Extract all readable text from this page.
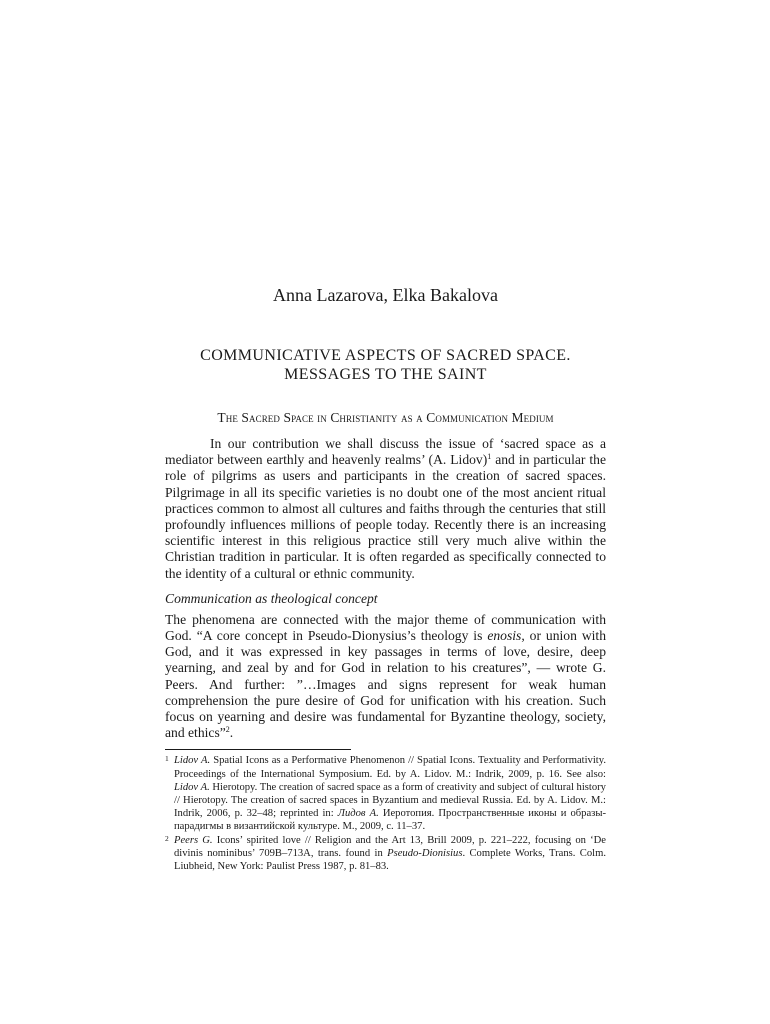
Anna Lazarova, Elka Bakalova

COMMUNICATIVE ASPECTS OF SACRED SPACE.
MESSAGES TO THE SAINT
The Sacred Space in Christianity as a Communication Medium

In our contribution we shall discuss the issue of ‘sacred space as a mediator between earthly and heavenly realms’ (A. Lidov)$^1$ and in particular the role of pilgrims as users and participants in the creation of sacred spaces. Pilgrimage in all its specific varieties is no doubt one of the most ancient ritual practices common to almost all cultures and faiths through the centuries that still profoundly influences millions of people today. Recently there is an increasing scientific interest in this religious practice still very much alive within the Christian tradition in particular. It is often regarded as specifically connected to the identity of a cultural or ethnic community.

Communication as theological concept

The phenomena are connected with the major theme of communication with God. “A core concept in Pseudo-Dionysius’s theology is enosis, or union with God, and it was expressed in key passages in terms of love, desire, deep yearning, and zeal by and for God in relation to his creatures”, — wrote G. Peers. And further: ”…Images and signs represent for weak human comprehension the pure desire of God for unification with his creation. Such focus on yearning and desire was fundamental for Byzantine theology, society, and ethics”$^2$.

1 Lidov A. Spatial Icons as a Performative Phenomenon // Spatial Icons. Textuality and Performativity. Proceedings of the International Symposium. Ed. by A. Lidov. M.: Indrik, 2009, p. 16. See also: Lidov A. Hierotopy. The creation of sacred space as a form of creativity and subject of cultural history // Hierotopy. The creation of sacred spaces in Byzantium and medieval Russia. Ed. by A. Lidov. M.: Indrik, 2006, p. 32–48; reprinted in: Лидов А. Иеротопия. Пространственные иконы и образы-парадигмы в византийской культуре. М., 2009, с. 11–37.

2 Peers G. Icons’ spirited love // Religion and the Art 13, Brill 2009, p. 221–222, focusing on ‘De divinis nominibus’ 709B–713A, trans. found in Pseudo-Dionisius. Complete Works, Trans. Colm. Liubheid, New York: Paulist Press 1987, p. 81–83.
